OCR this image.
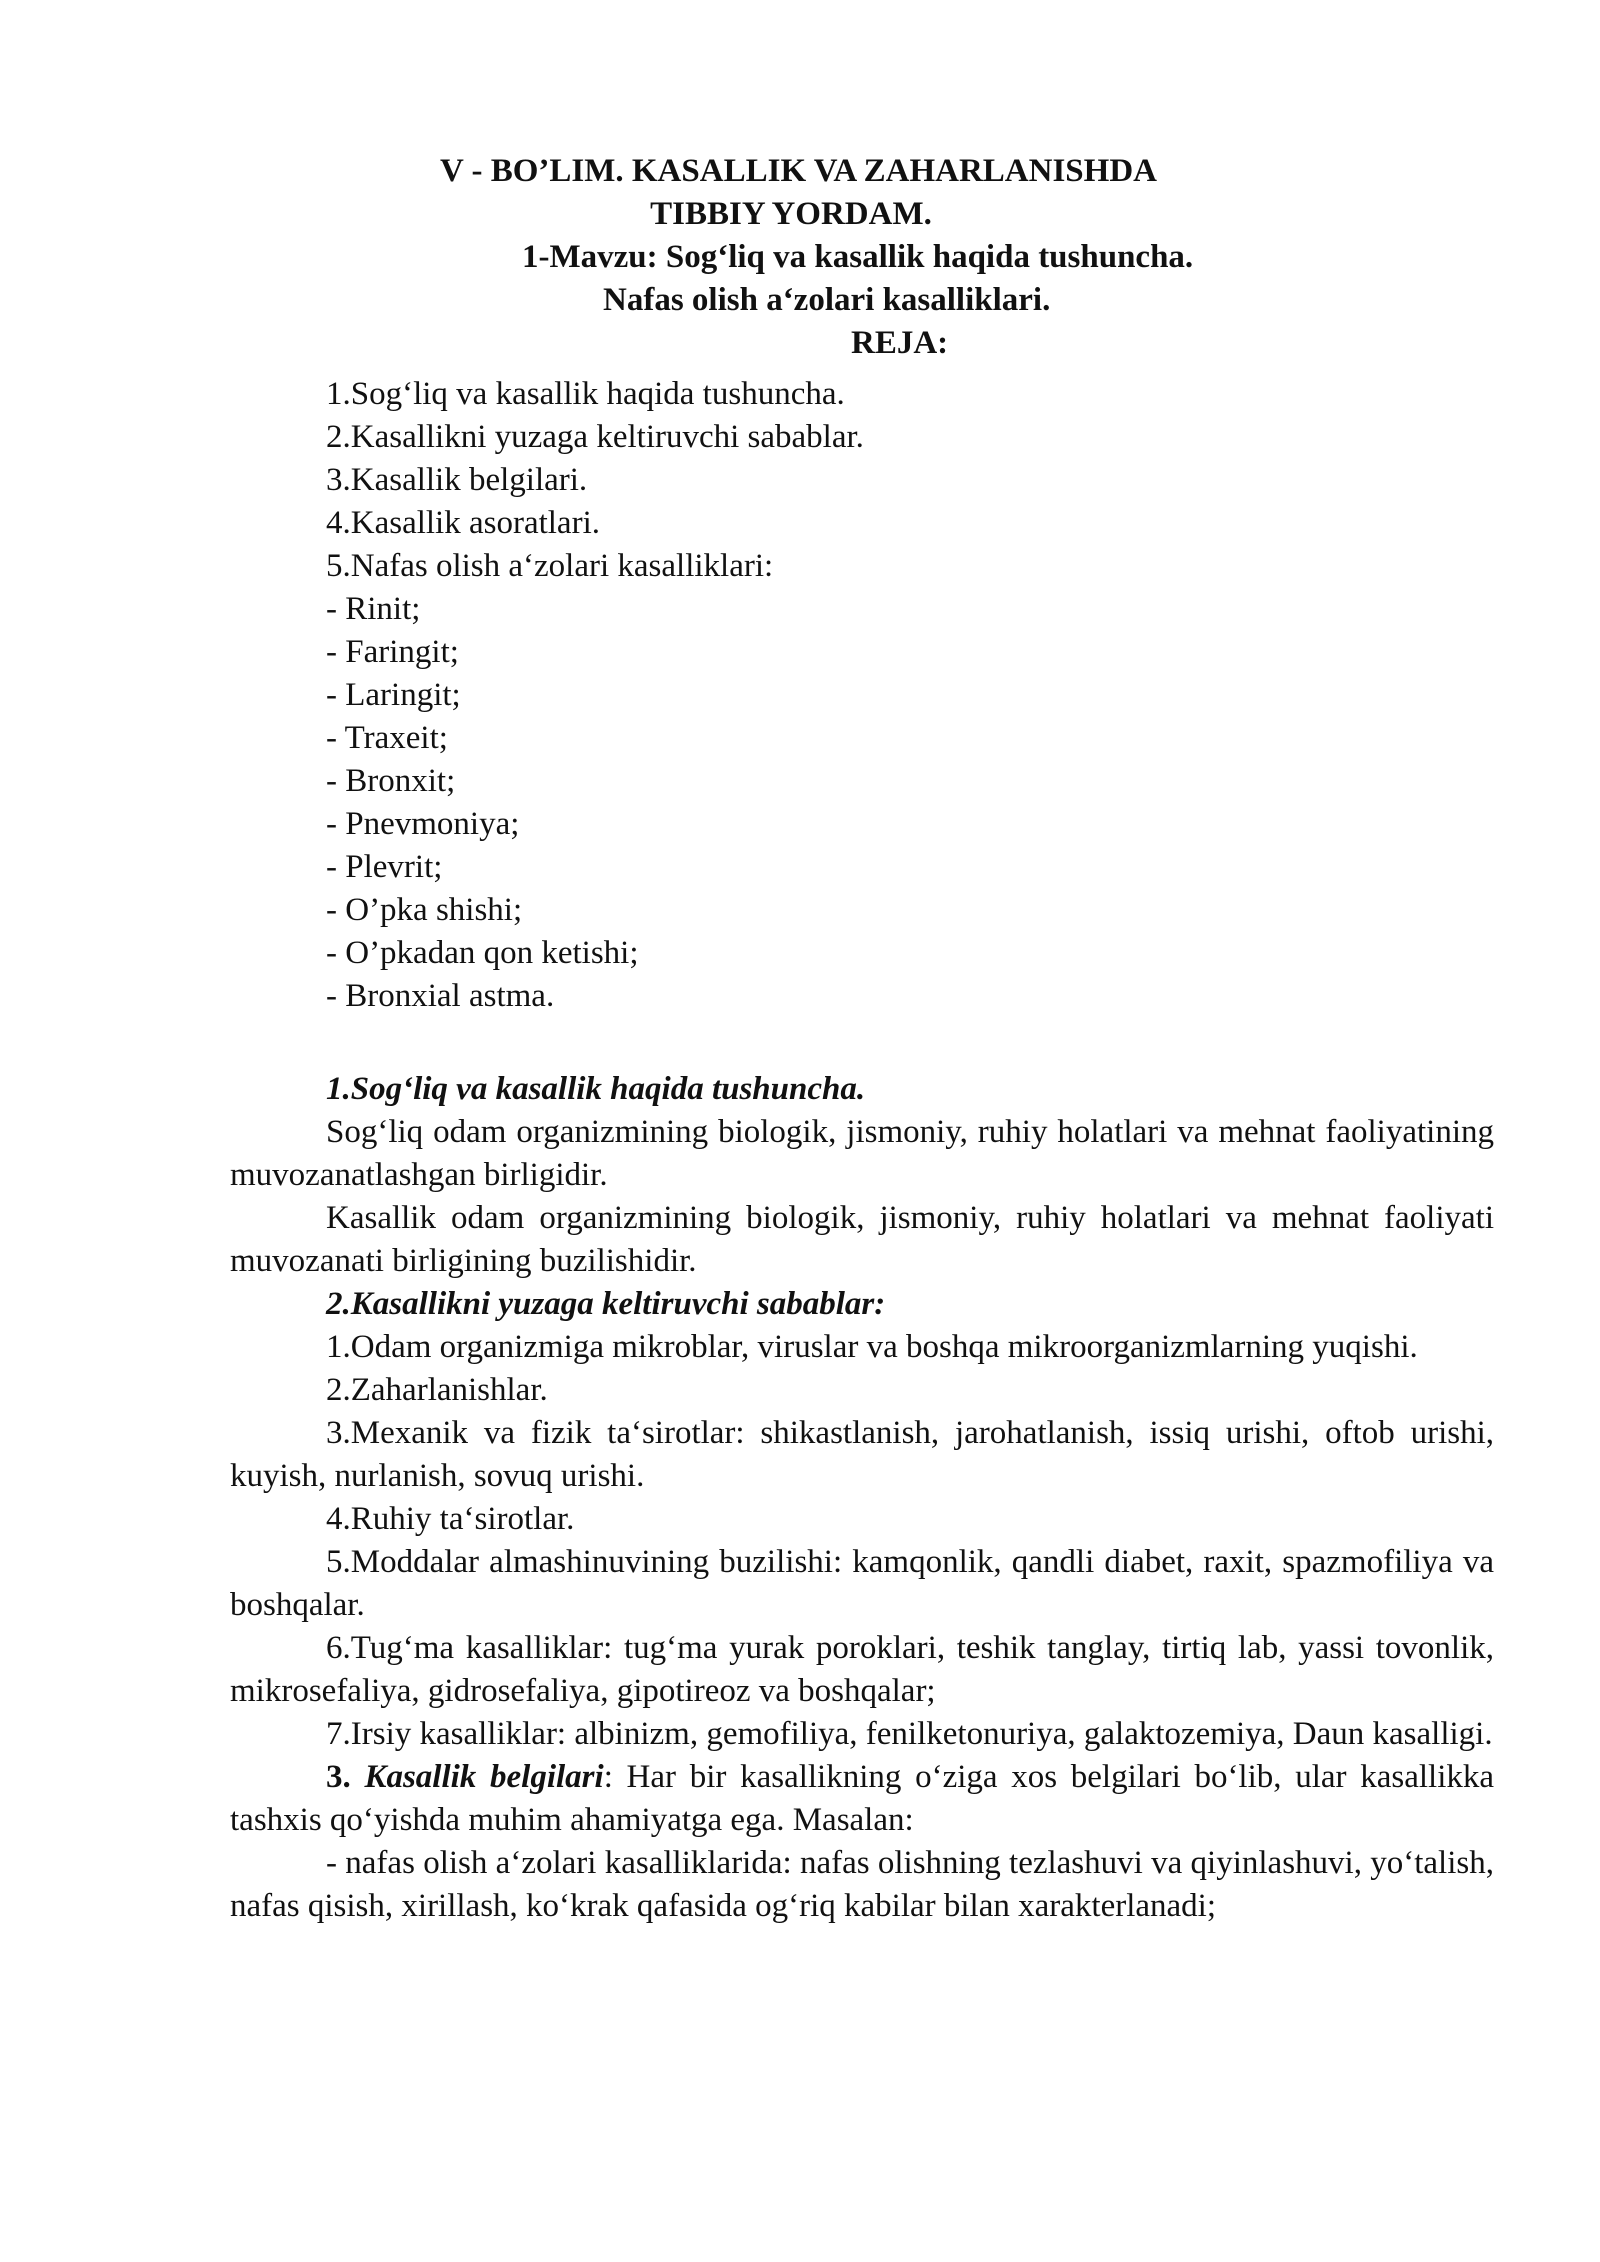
V - BO’LIM. KASALLIK VA ZAHARLANISHDA
TIBBIY YORDAM.
1-Mavzu: Sog‘liq va kasallik haqida tushuncha.
Nafas olish a‘zolari kasalliklari.
REJA:
1.Sog‘liq va kasallik haqida tushuncha.
2.Kasallikni yuzaga keltiruvchi sabablar.
3.Kasallik belgilari.
4.Kasallik asoratlari.
5.Nafas olish a‘zolari kasalliklari:
- Rinit;
- Faringit;
- Laringit;
- Traxeit;
- Bronxit;
- Pnevmoniya;
- Plevrit;
- O’pka shishi;
- O’pkadan qon ketishi;
- Bronxial astma.
1.Sog‘liq va kasallik haqida tushuncha.

Sog‘liq odam organizmining biologik, jismoniy, ruhiy holatlari va mehnat faoliyatining muvozanatlashgan birligidir.

Kasallik odam organizmining biologik, jismoniy, ruhiy holatlari va mehnat faoliyati muvozanati birligining buzilishidir.

2.Kasallikni yuzaga keltiruvchi sabablar:

1.Odam organizmiga mikroblar, viruslar va boshqa mikroorganizmlarning yuqishi.

2.Zaharlanishlar.

3.Mexanik va fizik ta‘sirotlar: shikastlanish, jarohatlanish, issiq urishi, oftob urishi, kuyish, nurlanish, sovuq urishi.

4.Ruhiy ta‘sirotlar.

5.Moddalar almashinuvining buzilishi: kamqonlik, qandli diabet, raxit, spazmofiliya va boshqalar.

6.Tug‘ma kasalliklar: tug‘ma yurak poroklari, teshik tanglay, tirtiq lab, yassi tovonlik, mikrosefaliya, gidrosefaliya, gipotireoz va boshqalar;

7.Irsiy kasalliklar: albinizm, gemofiliya, fenilketonuriya, galaktozemiya, Daun kasalligi.

3. Kasallik belgilari: Har bir kasallikning o‘ziga xos belgilari bo‘lib, ular kasallikka tashxis qo‘yishda muhim ahamiyatga ega. Masalan:

- nafas olish a‘zolari kasalliklarida: nafas olishning tezlashuvi va qiyinlashuvi, yo‘talish, nafas qisish, xirillash, ko‘krak qafasida og‘riq kabilar bilan xarakterlanadi;
